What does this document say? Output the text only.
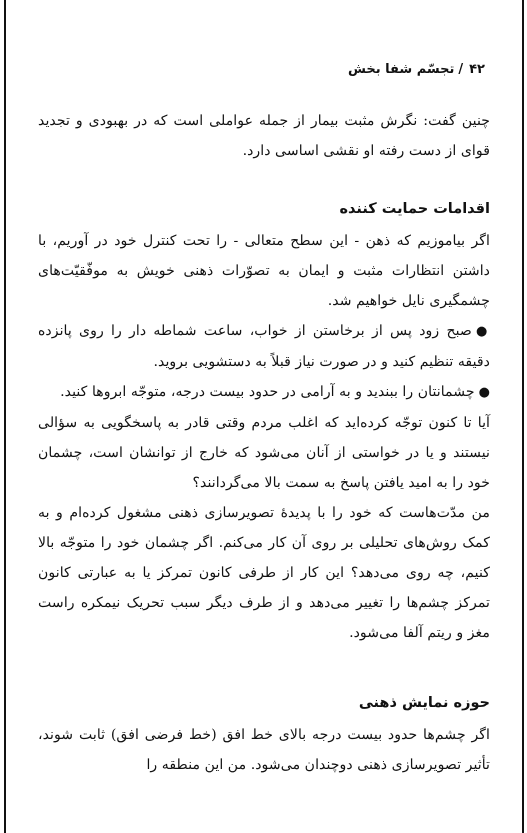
۴۲/تجسّم شفا بخش

چنین گفت: نگرش مثبت بیمار از جمله عواملی است که در بهبودی و تجدید قوای از دست رفته او نقشی اساسی دارد.

اقدامات حمایت کننده

اگر بیاموزیم که ذهن - این سطح متعالی - را تحت کنترل خود در آوریم، با داشتن انتظارات مثبت و ایمان به تصوّرات ذهنی خویش به موفّقیّت‌های چشمگیری نایل خواهیم شد.

●صبح زود پس از برخاستن از خواب، ساعت شماطه دار را روی پانزده دقیقه تنظیم کنید و در صورت نیاز قبلاً به دستشویی بروید.

●چشمانتان را ببندید و به آرامی در حدود بیست درجه، متوجّه ابروها کنید.

آیا تا کنون توجّه کرده‌اید که اغلب مردم وقتی قادر به پاسخگویی به سؤالی نیستند و یا در خواستی از آنان می‌شود که خارج از توانشان است، چشمان خود را به امید یافتن پاسخ به سمت بالا می‌گردانند؟

من مدّت‌هاست که خود را با پدیدهٔ تصویرسازی ذهنی مشغول کرده‌ام و به کمک روش‌های تحلیلی بر روی آن کار می‌کنم. اگر چشمان خود را متوجّه بالا کنیم، چه روی می‌دهد؟ این کار از طرفی کانون تمرکز یا به عبارتی کانون تمرکز چشم‌ها را تغییر می‌دهد و از طرف دیگر سبب تحریک نیمکره راست مغز و ریتم آلفا می‌شود.

حوزه نمایش ذهنی

اگر چشم‌ها حدود بیست درجه بالای خط افق (خط فرضی افق) ثابت شوند، تأثیر تصویرسازی ذهنی دوچندان می‌شود. من این منطقه را
